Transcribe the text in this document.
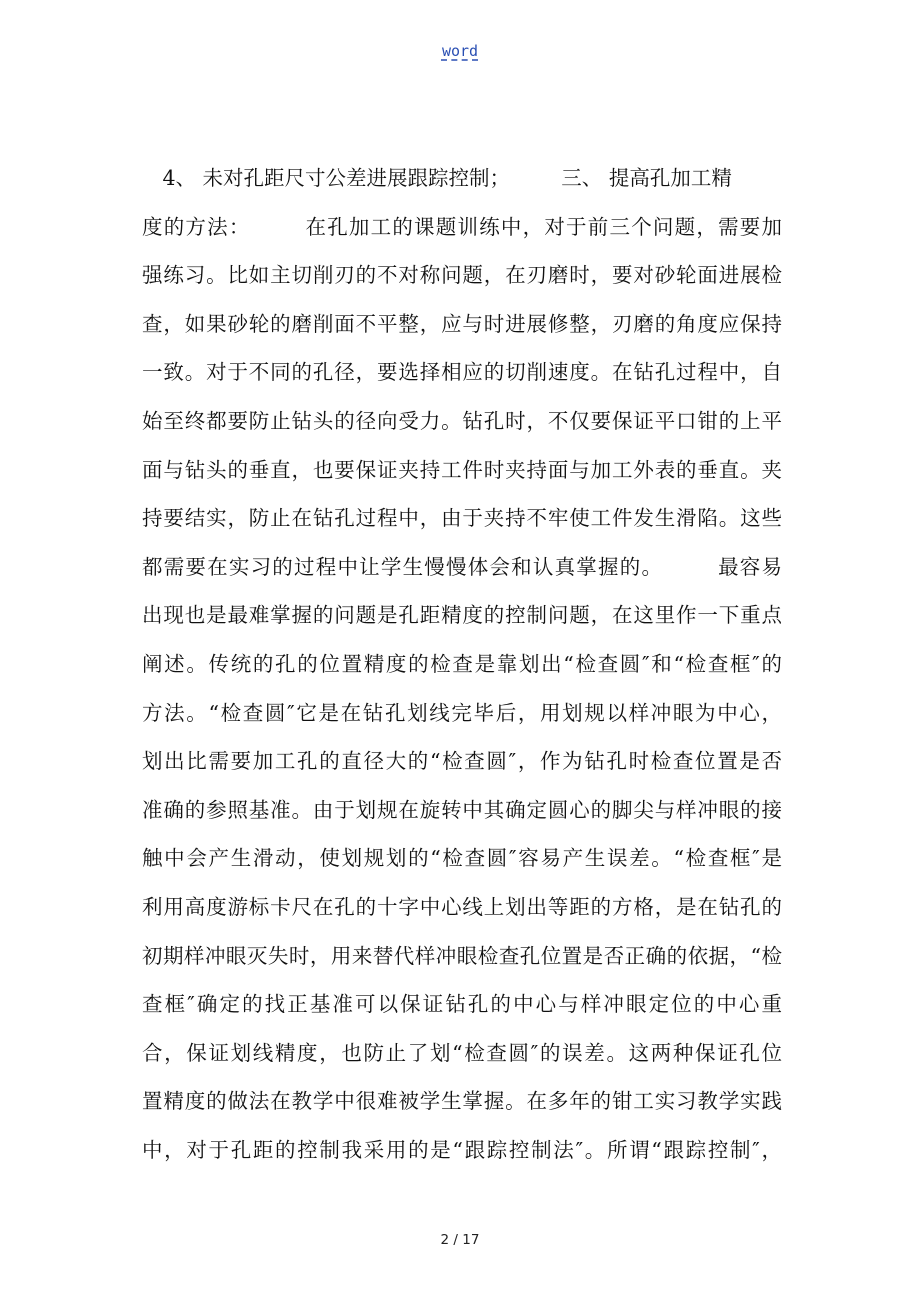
word
　4、 未对孔距尺寸公差进展跟踪控制；　　　三、 提高孔加工精
度的方法：　　　在孔加工的课题训练中，对于前三个问题，需要加
强练习。比如主切削刃的不对称问题，在刃磨时，要对砂轮面进展检
查，如果砂轮的磨削面不平整，应与时进展修整，刃磨的角度应保持
一致。对于不同的孔径，要选择相应的切削速度。在钻孔过程中，自
始至终都要防止钻头的径向受力。钻孔时，不仅要保证平口钳的上平
面与钻头的垂直，也要保证夹持工件时夹持面与加工外表的垂直。夹
持要结实，防止在钻孔过程中，由于夹持不牢使工件发生滑陷。这些
都需要在实习的过程中让学生慢慢体会和认真掌握的。　　　最容易
出现也是最难掌握的问题是孔距精度的控制问题，在这里作一下重点
阐述。传统的孔的位置精度的检查是靠划出“检查圆″和“检查框″的
方法。“检查圆″它是在钻孔划线完毕后，用划规以样冲眼为中心，
划出比需要加工孔的直径大的“检查圆″，作为钻孔时检查位置是否
准确的参照基准。由于划规在旋转中其确定圆心的脚尖与样冲眼的接
触中会产生滑动，使划规划的“检查圆″容易产生误差。“检查框″是
利用高度游标卡尺在孔的十字中心线上划出等距的方格，是在钻孔的
初期样冲眼灭失时，用来替代样冲眼检查孔位置是否正确的依据，“检
查框″确定的找正基准可以保证钻孔的中心与样冲眼定位的中心重
合，保证划线精度，也防止了划“检查圆″的误差。这两种保证孔位
置精度的做法在教学中很难被学生掌握。在多年的钳工实习教学实践
中，对于孔距的控制我采用的是“跟踪控制法″。所谓“跟踪控制″，
2 / 17
